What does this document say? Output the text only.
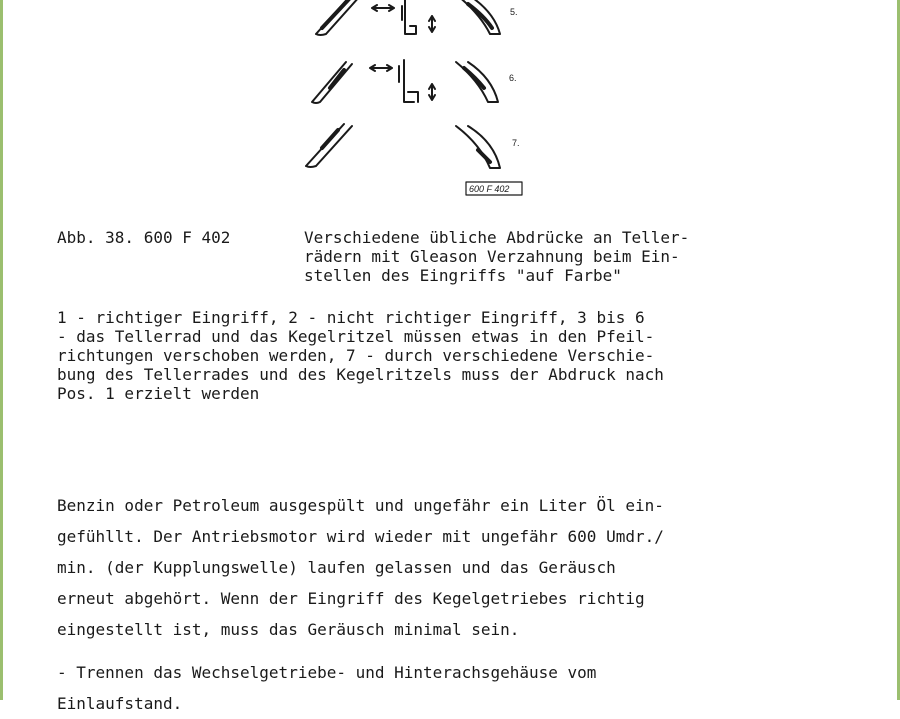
5.
6.
7.
600 F 402
Abb. 38. 600 F 402	Verschiedene übliche Abdrücke an Teller-
rädern mit Gleason Verzahnung beim Ein-
stellen des Eingriffs "auf Farbe"
1 - richtiger Eingriff, 2 - nicht richtiger Eingriff, 3 bis 6
- das Tellerrad und das Kegelritzel müssen etwas in den Pfeil-
richtungen verschoben werden, 7 - durch verschiedene Verschie-
bung des Tellerrades und des Kegelritzels muss der Abdruck nach
Pos. 1 erzielt werden
Benzin oder Petroleum ausgespült und ungefähr ein Liter Öl ein-
gefühllt. Der Antriebsmotor wird wieder mit ungefähr 600 Umdr./
min. (der Kupplungswelle) laufen gelassen und das Geräusch
erneut abgehört. Wenn der Eingriff des Kegelgetriebes richtig
eingestellt ist, muss das Geräusch minimal sein.
- Trennen das Wechselgetriebe- und Hinterachsgehäuse vom
Einlaufstand.
